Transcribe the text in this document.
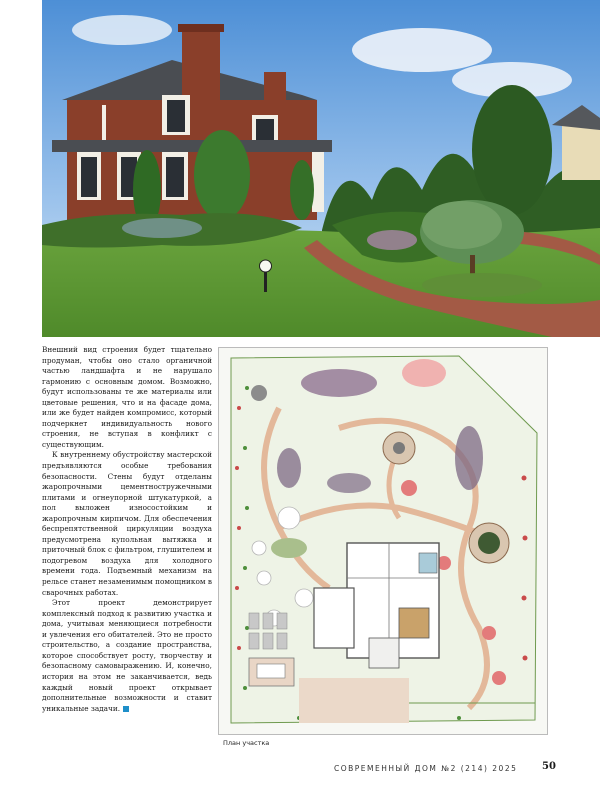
Внешний вид строения будет тщательно продуман, чтобы оно стало органичной частью ландшафта и не нарушало гармонию с основным домом. Возможно, будут использованы те же материалы или цветовые решения, что и на фасаде дома, или же будет найден компромисс, который подчеркнет индивидуальность нового строения, не вступая в конфликт с существующим.

К внутреннему обустройству мастерской предъявляются особые требования безопасности. Стены будут отделаны жаропрочными цементностружечными плитами и огнеупорной штукатуркой, а пол выложен износостойким и жаропрочным кирпичом. Для обеспечения беспрепятственной циркуляции воздуха предусмотрена купольная вытяжка и приточный блок с фильтром, глушителем и подогревом воздуха для холодного времени года. Подъемный механизм на рельсе станет незаменимым помощником в сварочных работах.

Этот проект демонстрирует комплексный подход к развитию участка и дома, учитывая меняющиеся потребности и увлечения его обитателей. Это не просто строительство, а создание пространства, которое способствует росту, творчеству и безопасному самовыражению. И, конечно, история на этом не заканчивается, ведь каждый новый проект открывает дополнительные возможности и ставит уникальные задачи.

План участка
СОВРЕМЕННЫЙ ДОМ №2 (214) 2025 50
